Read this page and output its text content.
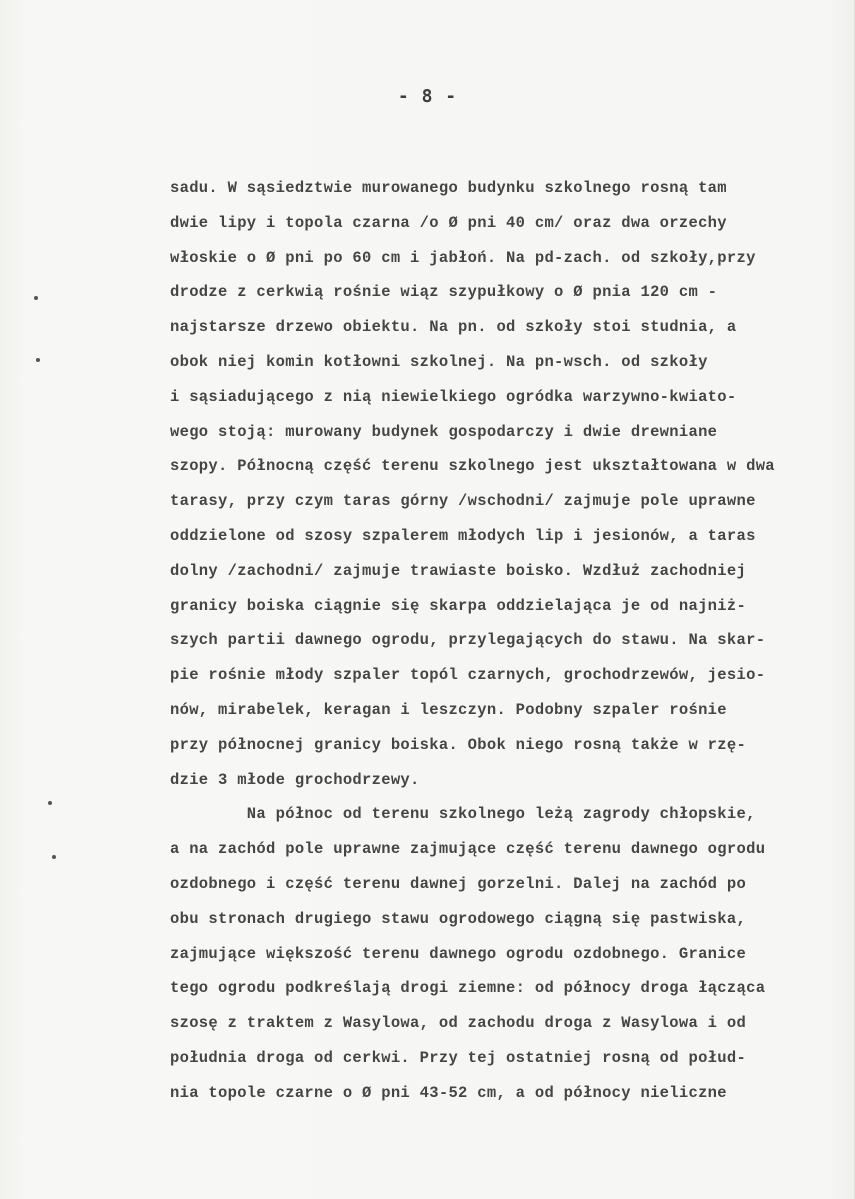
- 8 -
sadu. W sąsiedztwie murowanego budynku szkolnego rosną tam
dwie lipy i topola czarna /o Ø pni 40 cm/ oraz dwa orzechy
włoskie o Ø pni po 60 cm i jabłoń. Na pd-zach. od szkoły,przy
drodze z cerkwią rośnie wiąz szypułkowy o Ø pnia 120 cm -
najstarsze drzewo obiektu. Na pn. od szkoły stoi studnia, a
obok niej komin kotłowni szkolnej. Na pn-wsch. od szkoły
i sąsiadującego z nią niewielkiego ogródka warzywno-kwiato-
wego stoją: murowany budynek gospodarczy i dwie drewniane
szopy. Północną część terenu szkolnego jest ukształtowana w dwa
tarasy, przy czym taras górny /wschodni/ zajmuje pole uprawne
oddzielone od szosy szpalerem młodych lip i jesionów, a taras
dolny /zachodni/ zajmuje trawiaste boisko. Wzdłuż zachodniej
granicy boiska ciągnie się skarpa oddzielająca je od najniż-
szych partii dawnego ogrodu, przylegających do stawu. Na skar-
pie rośnie młody szpaler topól czarnych, grochodrzewów, jesio-
nów, mirabelek, keragan i leszczyn. Podobny szpaler rośnie
przy północnej granicy boiska. Obok niego rosną także w rzę-
dzie 3 młode grochodrzewy.
Na północ od terenu szkolnego leżą zagrody chłopskie,
a na zachód pole uprawne zajmujące część terenu dawnego ogrodu
ozdobnego i część terenu dawnej gorzelni. Dalej na zachód po
obu stronach drugiego stawu ogrodowego ciągną się pastwiska,
zajmujące większość terenu dawnego ogrodu ozdobnego. Granice
tego ogrodu podkreślają drogi ziemne: od północy droga łącząca
szosę z traktem z Wasylowa, od zachodu droga z Wasylowa i od
południa droga od cerkwi. Przy tej ostatniej rosną od połud-
nia topole czarne o Ø pni 43-52 cm, a od północy nieliczne
